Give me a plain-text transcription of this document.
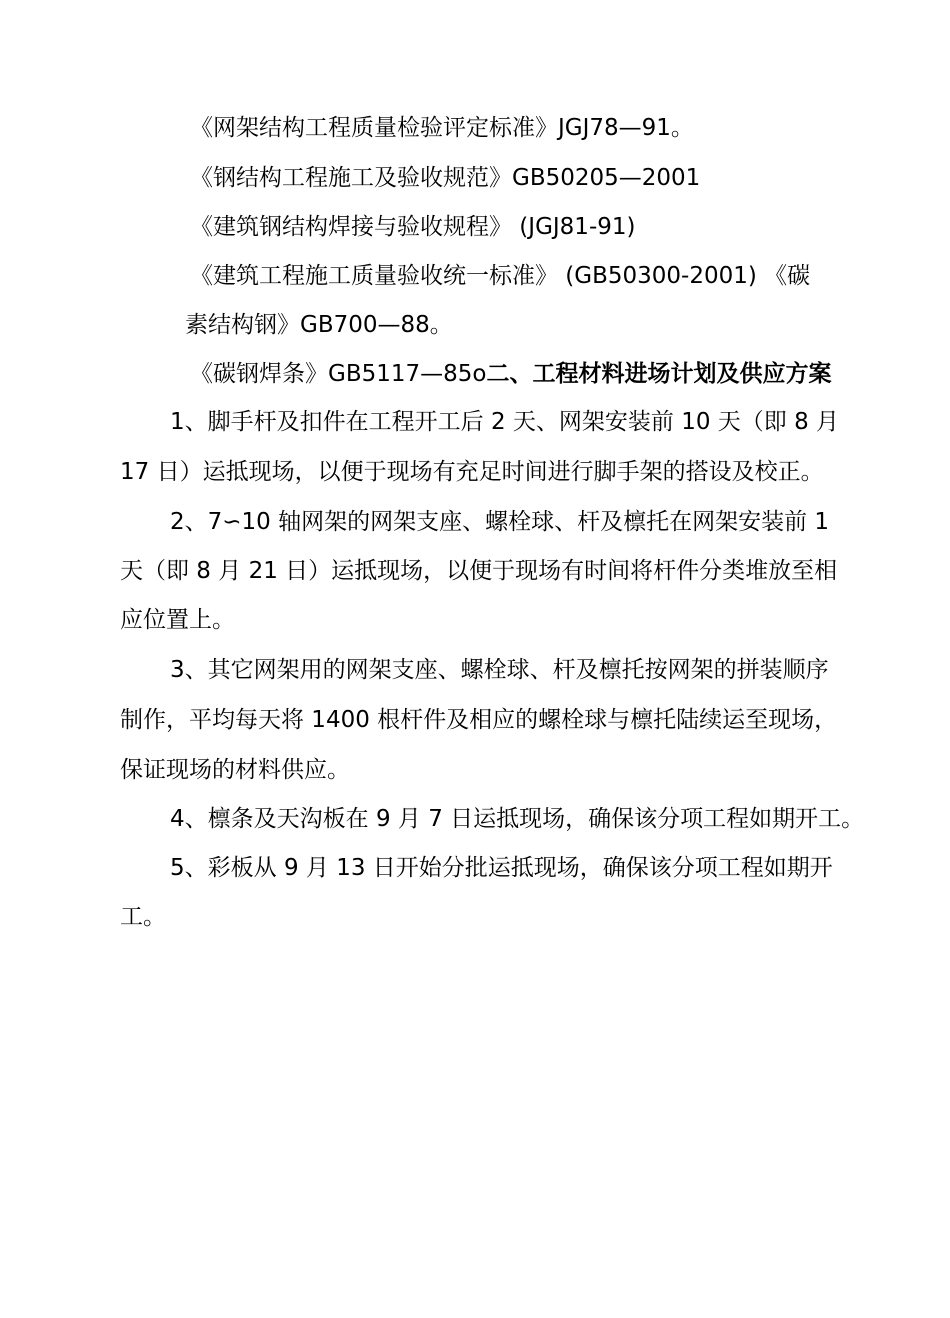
《网架结构工程质量检验评定标准》JGJ78—91。
《钢结构工程施工及验收规范》GB50205—2001
《建筑钢结构焊接与验收规程》 (JGJ81-91)
《建筑工程施工质量验收统一标准》 (GB50300-2001) 《碳
素结构钢》GB700—88。
《碳钢焊条》GB5117—85o二、工程材料进场计划及供应方案
1、脚手杆及扣件在工程开工后 2 天、网架安装前 10 天（即 8 月
17 日）运抵现场，以便于现场有充足时间进行脚手架的搭设及校正。
2、7∽10 轴网架的网架支座、螺栓球、杆及檩托在网架安装前 1
天（即 8 月 21 日）运抵现场，以便于现场有时间将杆件分类堆放至相
应位置上。
3、其它网架用的网架支座、螺栓球、杆及檩托按网架的拼装顺序
制作，平均每天将 1400 根杆件及相应的螺栓球与檩托陆续运至现场，
保证现场的材料供应。
4、檩条及天沟板在 9 月 7 日运抵现场，确保该分项工程如期开工。
5、彩板从 9 月 13 日开始分批运抵现场，确保该分项工程如期开
工。
